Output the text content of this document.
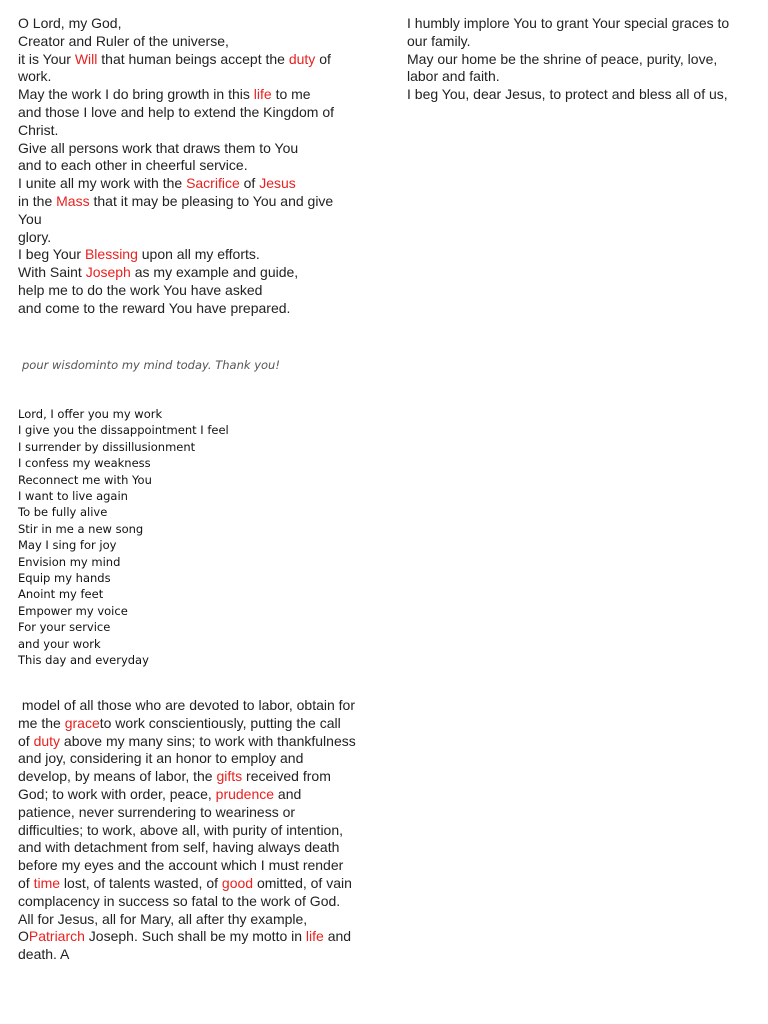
O Lord, my God,
Creator and Ruler of the universe,
it is Your Will that human beings accept the duty of
work.
May the work I do bring growth in this life to me
and those I love and help to extend the Kingdom of
Christ.
Give all persons work that draws them to You
and to each other in cheerful service.
I unite all my work with the Sacrifice of Jesus
in the Mass that it may be pleasing to You and give
You
glory.
I beg Your Blessing upon all my efforts.
With Saint Joseph as my example and guide,
help me to do the work You have asked
and come to the reward You have prepared.
I humbly implore You to grant Your special graces to
our family.
May our home be the shrine of peace, purity, love,
labor and faith.
I beg You, dear Jesus, to protect and bless all of us,
pour wisdominto my mind today. Thank you!
Lord, I offer you my work
I give you the dissappointment I feel
I surrender by dissillusionment
I confess my weakness
Reconnect me with You
I want to live again
To be fully alive
Stir in me a new song
May I sing for joy
Envision my mind
Equip my hands
Anoint my feet
Empower my voice
For your service
and your work
This day and everyday
model of all those who are devoted to labor, obtain for
me the graceto work conscientiously, putting the call
of duty above my many sins; to work with thankfulness
and joy, considering it an honor to employ and
develop, by means of labor, the gifts received from
God; to work with order, peace, prudence and
patience, never surrendering to weariness or
difficulties; to work, above all, with purity of intention,
and with detachment from self, having always death
before my eyes and the account which I must render
of time lost, of talents wasted, of good omitted, of vain
complacency in success so fatal to the work of God.
All for Jesus, all for Mary, all after thy example,
OPatriarch Joseph. Such shall be my motto in life and
death. A
